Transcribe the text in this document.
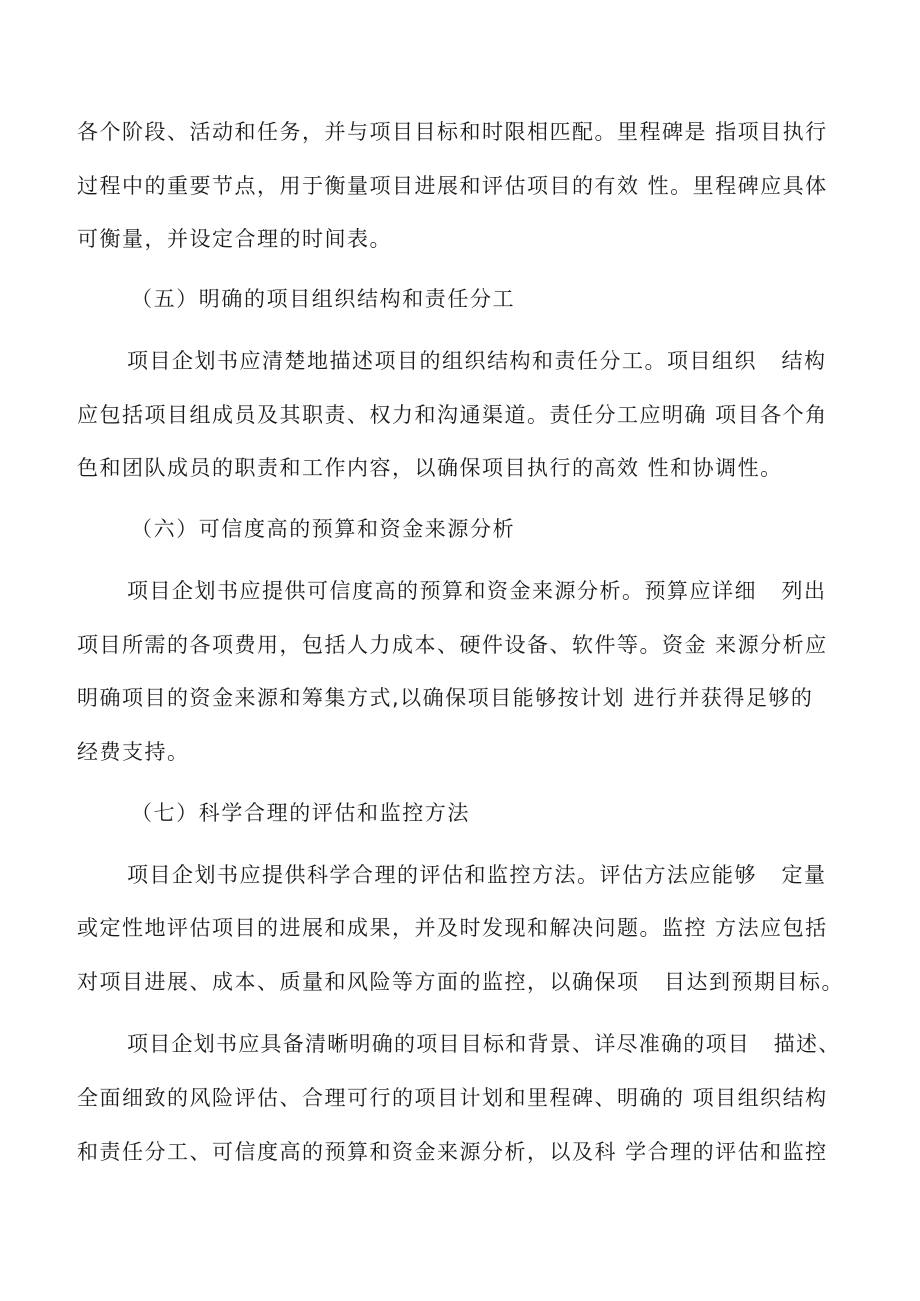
各个阶段、活动和任务，并与项目目标和时限相匹配。里程碑是 指项目执行

过程中的重要节点，用于衡量项目进展和评估项目的有效 性。里程碑应具体

可衡量，并设定合理的时间表。

（五）明确的项目组织结构和责任分工

项目企划书应清楚地描述项目的组织结构和责任分工。项目组织   结构

应包括项目组成员及其职责、权力和沟通渠道。责任分工应明确 项目各个角

色和团队成员的职责和工作内容，以确保项目执行的高效 性和协调性。

（六）可信度高的预算和资金来源分析

项目企划书应提供可信度高的预算和资金来源分析。预算应详细   列出

项目所需的各项费用，包括人力成本、硬件设备、软件等。资金 来源分析应

明确项目的资金来源和筹集方式,以确保项目能够按计划 进行并获得足够的

经费支持。

（七）科学合理的评估和监控方法

项目企划书应提供科学合理的评估和监控方法。评估方法应能够   定量

或定性地评估项目的进展和成果，并及时发现和解决问题。监控 方法应包括

对项目进展、成本、质量和风险等方面的监控，以确保项   目达到预期目标。

项目企划书应具备清晰明确的项目目标和背景、详尽准确的项目   描述、

全面细致的风险评估、合理可行的项目计划和里程碑、明确的 项目组织结构

和责任分工、可信度高的预算和资金来源分析，以及科 学合理的评估和监控
